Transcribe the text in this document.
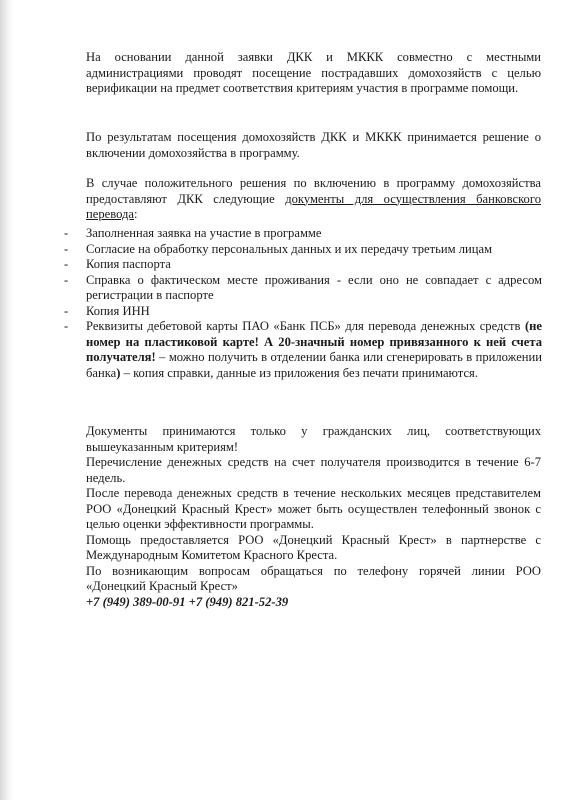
На основании данной заявки ДКК и МККК совместно с местными администрациями проводят посещение пострадавших домохозяйств с целью верификации на предмет соответствия критериям участия в программе помощи.

По результатам посещения домохозяйств ДКК и МККК принимается решение о включении домохозяйства в программу.

В случае положительного решения по включению в программу домохозяйства предоставляют ДКК следующие документы для осуществления банковского перевода:

- Заполненная заявка на участие в программе
- Согласие на обработку персональных данных и их передачу третьим лицам
- Копия паспорта
- Справка о фактическом месте проживания - если оно не совпадает с адресом регистрации в паспорте
- Копия ИНН
- Реквизиты дебетовой карты ПАО «Банк ПСБ» для перевода денежных средств (не номер на пластиковой карте! А 20-значный номер привязанного к ней счета получателя! – можно получить в отделении банка или сгенерировать в приложении банка) – копия справки, данные из приложения без печати принимаются.

Документы принимаются только у гражданских лиц, соответствующих вышеуказанным критериям!

Перечисление денежных средств на счет получателя производится в течение 6-7 недель.

После перевода денежных средств в течение нескольких месяцев представителем РОО «Донецкий Красный Крест» может быть осуществлен телефонный звонок с целью оценки эффективности программы.

Помощь предоставляется РОО «Донецкий Красный Крест» в партнерстве с Международным Комитетом Красного Креста.

По возникающим вопросам обращаться по телефону горячей линии РОО «Донецкий Красный Крест»

+7 (949) 389-00-91 +7 (949) 821-52-39
